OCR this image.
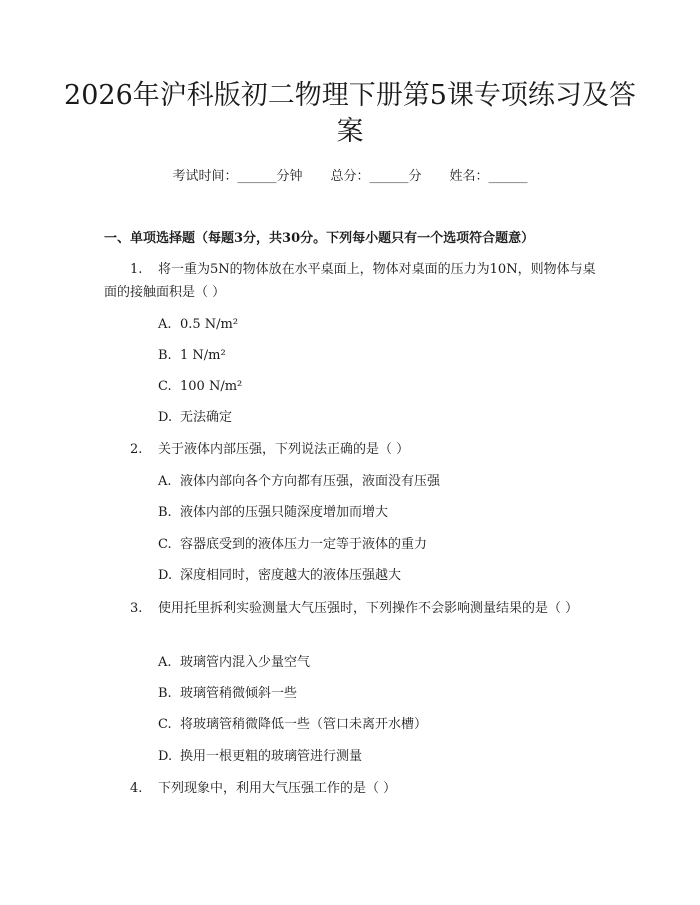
2026年沪科版初二物理下册第5课专项练习及答案
考试时间：______分钟 总分：______分 姓名：______
一、单项选择题（每题3分，共30分。下列每小题只有一个选项符合题意）
1. 将一重为5N的物体放在水平桌面上，物体对桌面的压力为10N，则物体与桌面的接触面积是（ ）
A. 0.5 N/m²
B. 1 N/m²
C. 100 N/m²
D. 无法确定
2. 关于液体内部压强，下列说法正确的是（ ）
A. 液体内部向各个方向都有压强，液面没有压强
B. 液体内部的压强只随深度增加而增大
C. 容器底受到的液体压力一定等于液体的重力
D. 深度相同时，密度越大的液体压强越大
3. 使用托里拆利实验测量大气压强时，下列操作不会影响测量结果的是（ ）
A. 玻璃管内混入少量空气
B. 玻璃管稍微倾斜一些
C. 将玻璃管稍微降低一些（管口未离开水槽）
D. 换用一根更粗的玻璃管进行测量
4. 下列现象中，利用大气压强工作的是（ ）
